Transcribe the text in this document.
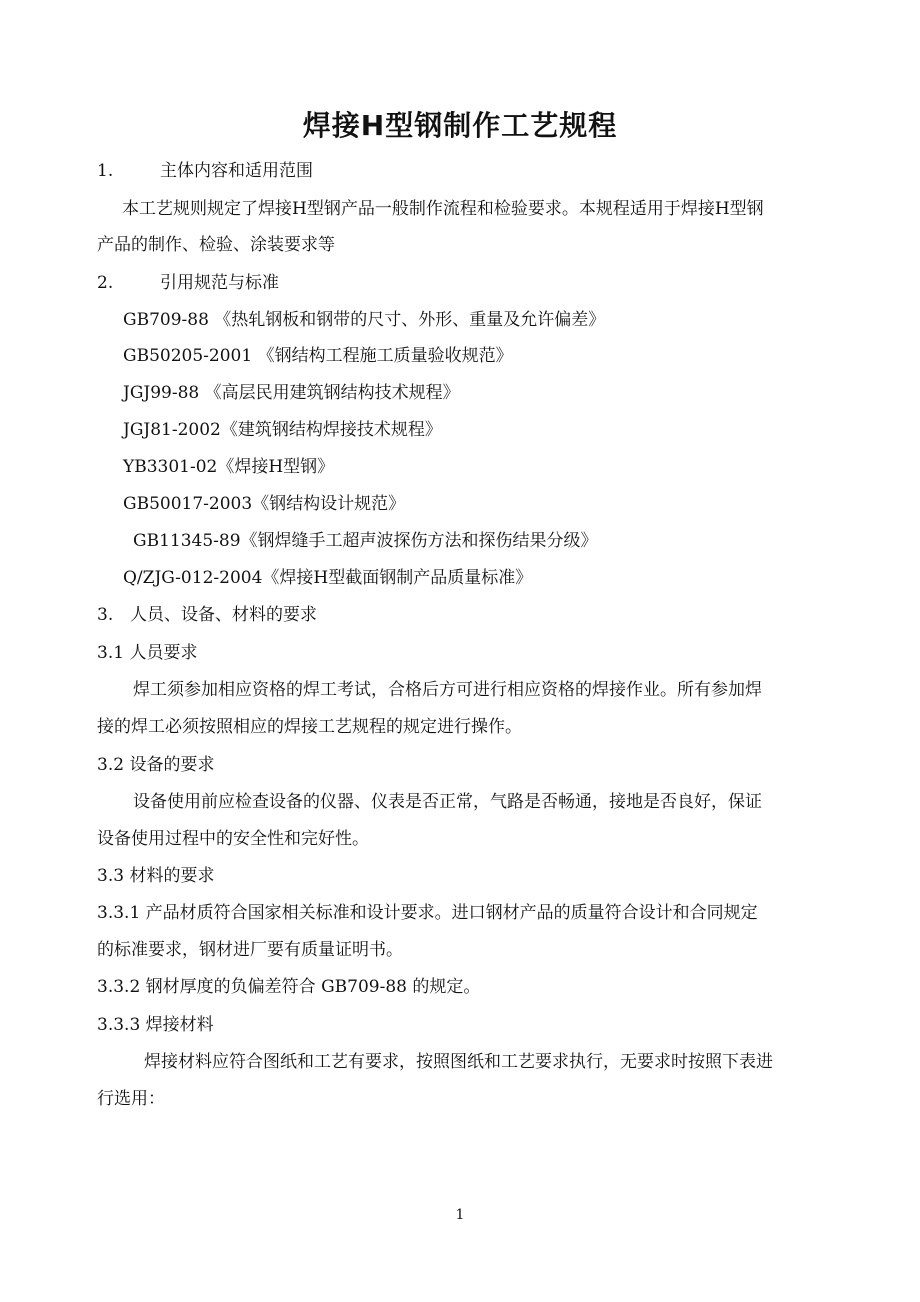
焊接H型钢制作工艺规程
1.	主体内容和适用范围
本工艺规则规定了焊接H型钢产品一般制作流程和检验要求。本规程适用于焊接H型钢
产品的制作、检验、涂装要求等
2.	引用规范与标准
GB709-88 《热轧钢板和钢带的尺寸、外形、重量及允许偏差》
GB50205-2001 《钢结构工程施工质量验收规范》
JGJ99-88 《高层民用建筑钢结构技术规程》
JGJ81-2002《建筑钢结构焊接技术规程》
YB3301-02《焊接H型钢》
GB50017-2003《钢结构设计规范》
GB11345-89《钢焊缝手工超声波探伤方法和探伤结果分级》
Q/ZJG-012-2004《焊接H型截面钢制产品质量标准》
3. 人员、设备、材料的要求
3.1 人员要求
焊工须参加相应资格的焊工考试，合格后方可进行相应资格的焊接作业。所有参加焊
接的焊工必须按照相应的焊接工艺规程的规定进行操作。
3.2 设备的要求
设备使用前应检查设备的仪器、仪表是否正常，气路是否畅通，接地是否良好，保证
设备使用过程中的安全性和完好性。
3.3 材料的要求
3.3.1 产品材质符合国家相关标准和设计要求。进口钢材产品的质量符合设计和合同规定
的标准要求，钢材进厂要有质量证明书。
3.3.2 钢材厚度的负偏差符合 GB709-88 的规定。
3.3.3 焊接材料
焊接材料应符合图纸和工艺有要求，按照图纸和工艺要求执行，无要求时按照下表进
行选用：
1
